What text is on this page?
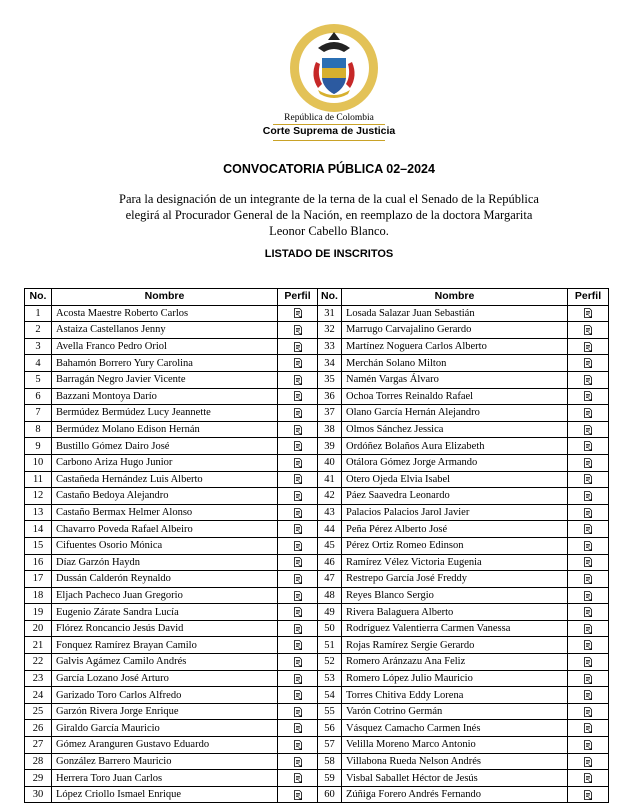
República de Colombia
Corte Suprema de Justicia
CONVOCATORIA PÚBLICA 02–2024
Para la designación de un integrante de la terna de la cual el Senado de la República elegirá al Procurador General de la Nación, en reemplazo de la doctora Margarita Leonor Cabello Blanco.
LISTADO DE INSCRITOS
No.	Nombre	Perfil	No.	Nombre	Perfil
1	Acosta Maestre Roberto Carlos		31	Losada Salazar Juan Sebastián	
2	Astaiza Castellanos Jenny		32	Marrugo Carvajalino Gerardo	
3	Avella Franco Pedro Oriol		33	Martínez Noguera Carlos Alberto	
4	Bahamón Borrero Yury Carolina		34	Merchán Solano Milton	
5	Barragán Negro Javier Vicente		35	Namén Vargas Álvaro	
6	Bazzani Montoya Darío		36	Ochoa Torres Reinaldo Rafael	
7	Bermúdez Bermúdez Lucy Jeannette		37	Olano García Hernán Alejandro	
8	Bermúdez Molano Edison Hernán		38	Olmos Sánchez Jessica	
9	Bustillo Gómez Dairo José		39	Ordóñez Bolaños Aura Elizabeth	
10	Carbono Ariza Hugo Junior		40	Otálora Gómez Jorge Armando	
11	Castañeda Hernández Luis Alberto		41	Otero Ojeda Elvia Isabel	
12	Castaño Bedoya Alejandro		42	Páez Saavedra Leonardo	
13	Castaño Bermax Helmer Alonso		43	Palacios Palacios Jarol Javier	
14	Chavarro Poveda Rafael Albeiro		44	Peña Pérez Alberto José	
15	Cifuentes Osorio Mónica		45	Pérez Ortiz Romeo Edinson	
16	Díaz Garzón Haydn		46	Ramírez Vélez Victoria Eugenia	
17	Dussán Calderón Reynaldo		47	Restrepo García José Freddy	
18	Eljach Pacheco Juan Gregorio		48	Reyes Blanco Sergio	
19	Eugenio Zárate Sandra Lucía		49	Rivera Balaguera Alberto	
20	Flórez Roncancio Jesús David		50	Rodríguez Valentierra Carmen Vanessa	
21	Fonquez Ramírez Brayan Camilo		51	Rojas Ramírez Sergie Gerardo	
22	Galvis Agámez Camilo Andrés		52	Romero Aránzazu Ana Feliz	
23	García Lozano José Arturo		53	Romero López Julio Mauricio	
24	Garizado Toro Carlos Alfredo		54	Torres Chitiva Eddy Lorena	
25	Garzón Rivera Jorge Enrique		55	Varón Cotrino Germán	
26	Giraldo García Mauricio		56	Vásquez Camacho Carmen Inés	
27	Gómez Aranguren Gustavo Eduardo		57	Velilla Moreno Marco Antonio	
28	González Barrero Mauricio		58	Villabona Rueda Nelson Andrés	
29	Herrera Toro Juan Carlos		59	Visbal Saballet Héctor de Jesús	
30	López Criollo Ismael Enrique		60	Zúñiga Forero Andrés Fernando	
